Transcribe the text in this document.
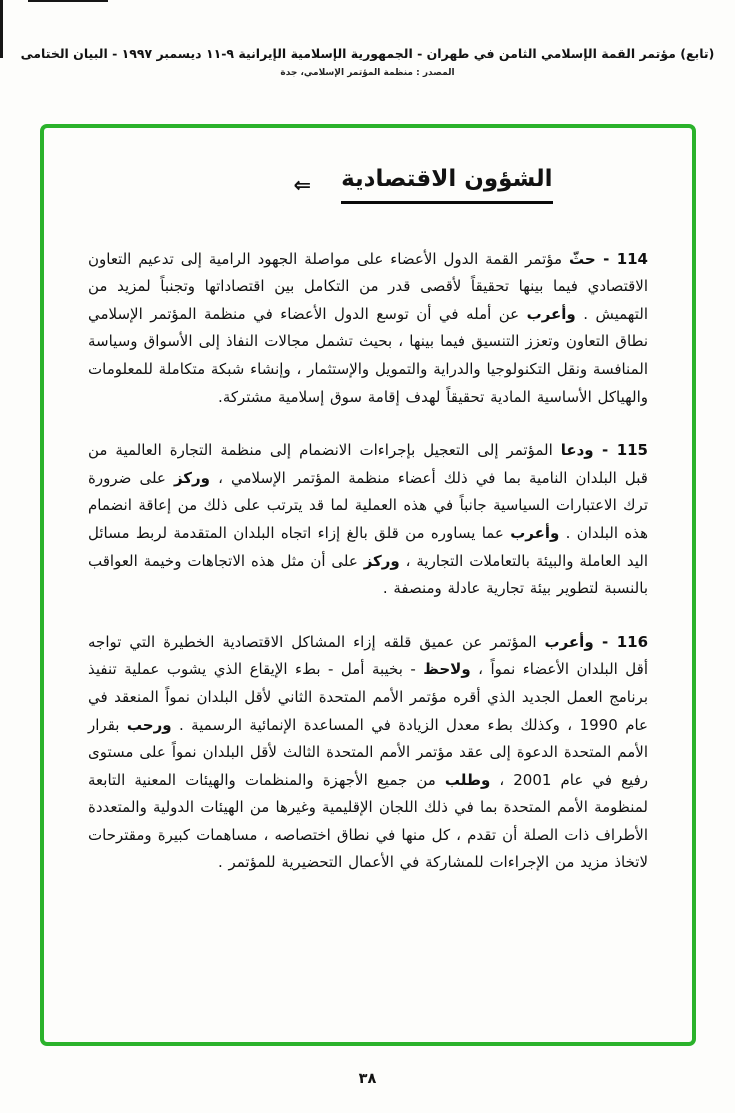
(تابع) مؤتمر القمة الإسلامي الثامن في طهران - الجمهورية الإسلامية الإيرانية ٩-١١ ديسمبر ١٩٩٧ - البيان الختامى
المصدر : منظمة المؤتمر الإسلامي، جدة
الشؤون الاقتصادية
⇐

114 - حثّ مؤتمر القمة الدول الأعضاء على مواصلة الجهود الرامية إلى تدعيم التعاون الاقتصادي فيما بينها تحقيقاً لأقصى قدر من التكامل بين اقتصاداتها وتجنباً لمزيد من التهميش . وأعرب عن أمله في أن توسع الدول الأعضاء في منظمة المؤتمر الإسلامي نطاق التعاون وتعزز التنسيق فيما بينها ، بحيث تشمل مجالات النفاذ إلى الأسواق وسياسة المنافسة ونقل التكنولوجيا والدراية والتمويل والإستثمار ، وإنشاء شبكة متكاملة للمعلومات والهياكل الأساسية المادية تحقيقاً لهدف إقامة سوق إسلامية مشتركة.

115 - ودعا المؤتمر إلى التعجيل بإجراءات الانضمام إلى منظمة التجارة العالمية من قبل البلدان النامية بما في ذلك أعضاء منظمة المؤتمر الإسلامي ، وركز على ضرورة ترك الاعتبارات السياسية جانباً في هذه العملية لما قد يترتب على ذلك من إعاقة انضمام هذه البلدان . وأعرب عما يساوره من قلق بالغ إزاء اتجاه البلدان المتقدمة لربط مسائل اليد العاملة والبيئة بالتعاملات التجارية ، وركز على أن مثل هذه الاتجاهات وخيمة العواقب بالنسبة لتطوير بيئة تجارية عادلة ومنصفة .

116 - وأعرب المؤتمر عن عميق قلقه إزاء المشاكل الاقتصادية الخطيرة التي تواجه أقل البلدان الأعضاء نمواً ، ولاحظ - بخيبة أمل - بطء الإيقاع الذي يشوب عملية تنفيذ برنامج العمل الجديد الذي أقره مؤتمر الأمم المتحدة الثاني لأقل البلدان نمواً المنعقد في عام 1990 ، وكذلك بطء معدل الزيادة في المساعدة الإنمائية الرسمية . ورحب بقرار الأمم المتحدة الدعوة إلى عقد مؤتمر الأمم المتحدة الثالث لأقل البلدان نمواً على مستوى رفيع في عام 2001 ، وطلب من جميع الأجهزة والمنظمات والهيئات المعنية التابعة لمنظومة الأمم المتحدة بما في ذلك اللجان الإقليمية وغيرها من الهيئات الدولية والمتعددة الأطراف ذات الصلة أن تقدم ، كل منها في نطاق اختصاصه ، مساهمات كبيرة ومقترحات لاتخاذ مزيد من الإجراءات للمشاركة في الأعمال التحضيرية للمؤتمر .

٣٨
